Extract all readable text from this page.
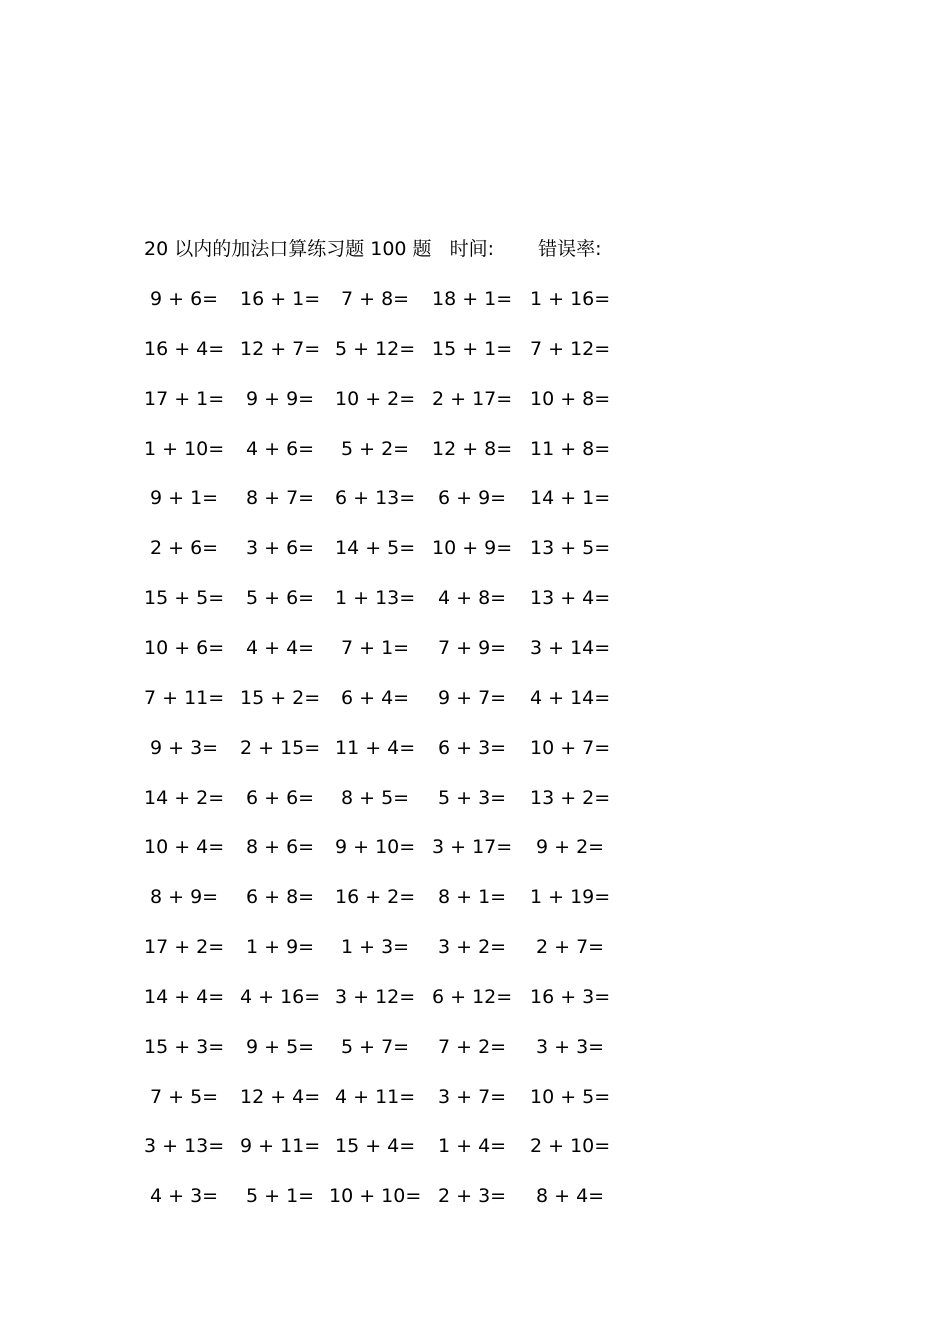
20 以内的加法口算练习题 100 题 时间: 错误率:
9 + 6= 16 + 1= 7 + 8= 18 + 1= 1 + 16=
16 + 4= 12 + 7= 5 + 12= 15 + 1= 7 + 12=
17 + 1= 9 + 9= 10 + 2= 2 + 17= 10 + 8=
1 + 10= 4 + 6= 5 + 2= 12 + 8= 11 + 8=
9 + 1= 8 + 7= 6 + 13= 6 + 9= 14 + 1=
2 + 6= 3 + 6= 14 + 5= 10 + 9= 13 + 5=
15 + 5= 5 + 6= 1 + 13= 4 + 8= 13 + 4=
10 + 6= 4 + 4= 7 + 1= 7 + 9= 3 + 14=
7 + 11= 15 + 2= 6 + 4= 9 + 7= 4 + 14=
9 + 3= 2 + 15= 11 + 4= 6 + 3= 10 + 7=
14 + 2= 6 + 6= 8 + 5= 5 + 3= 13 + 2=
10 + 4= 8 + 6= 9 + 10= 3 + 17= 9 + 2=
8 + 9= 6 + 8= 16 + 2= 8 + 1= 1 + 19=
17 + 2= 1 + 9= 1 + 3= 3 + 2= 2 + 7=
14 + 4= 4 + 16= 3 + 12= 6 + 12= 16 + 3=
15 + 3= 9 + 5= 5 + 7= 7 + 2= 3 + 3=
7 + 5= 12 + 4= 4 + 11= 3 + 7= 10 + 5=
3 + 13= 9 + 11= 15 + 4= 1 + 4= 2 + 10=
4 + 3= 5 + 1= 10 + 10= 2 + 3= 8 + 4=
